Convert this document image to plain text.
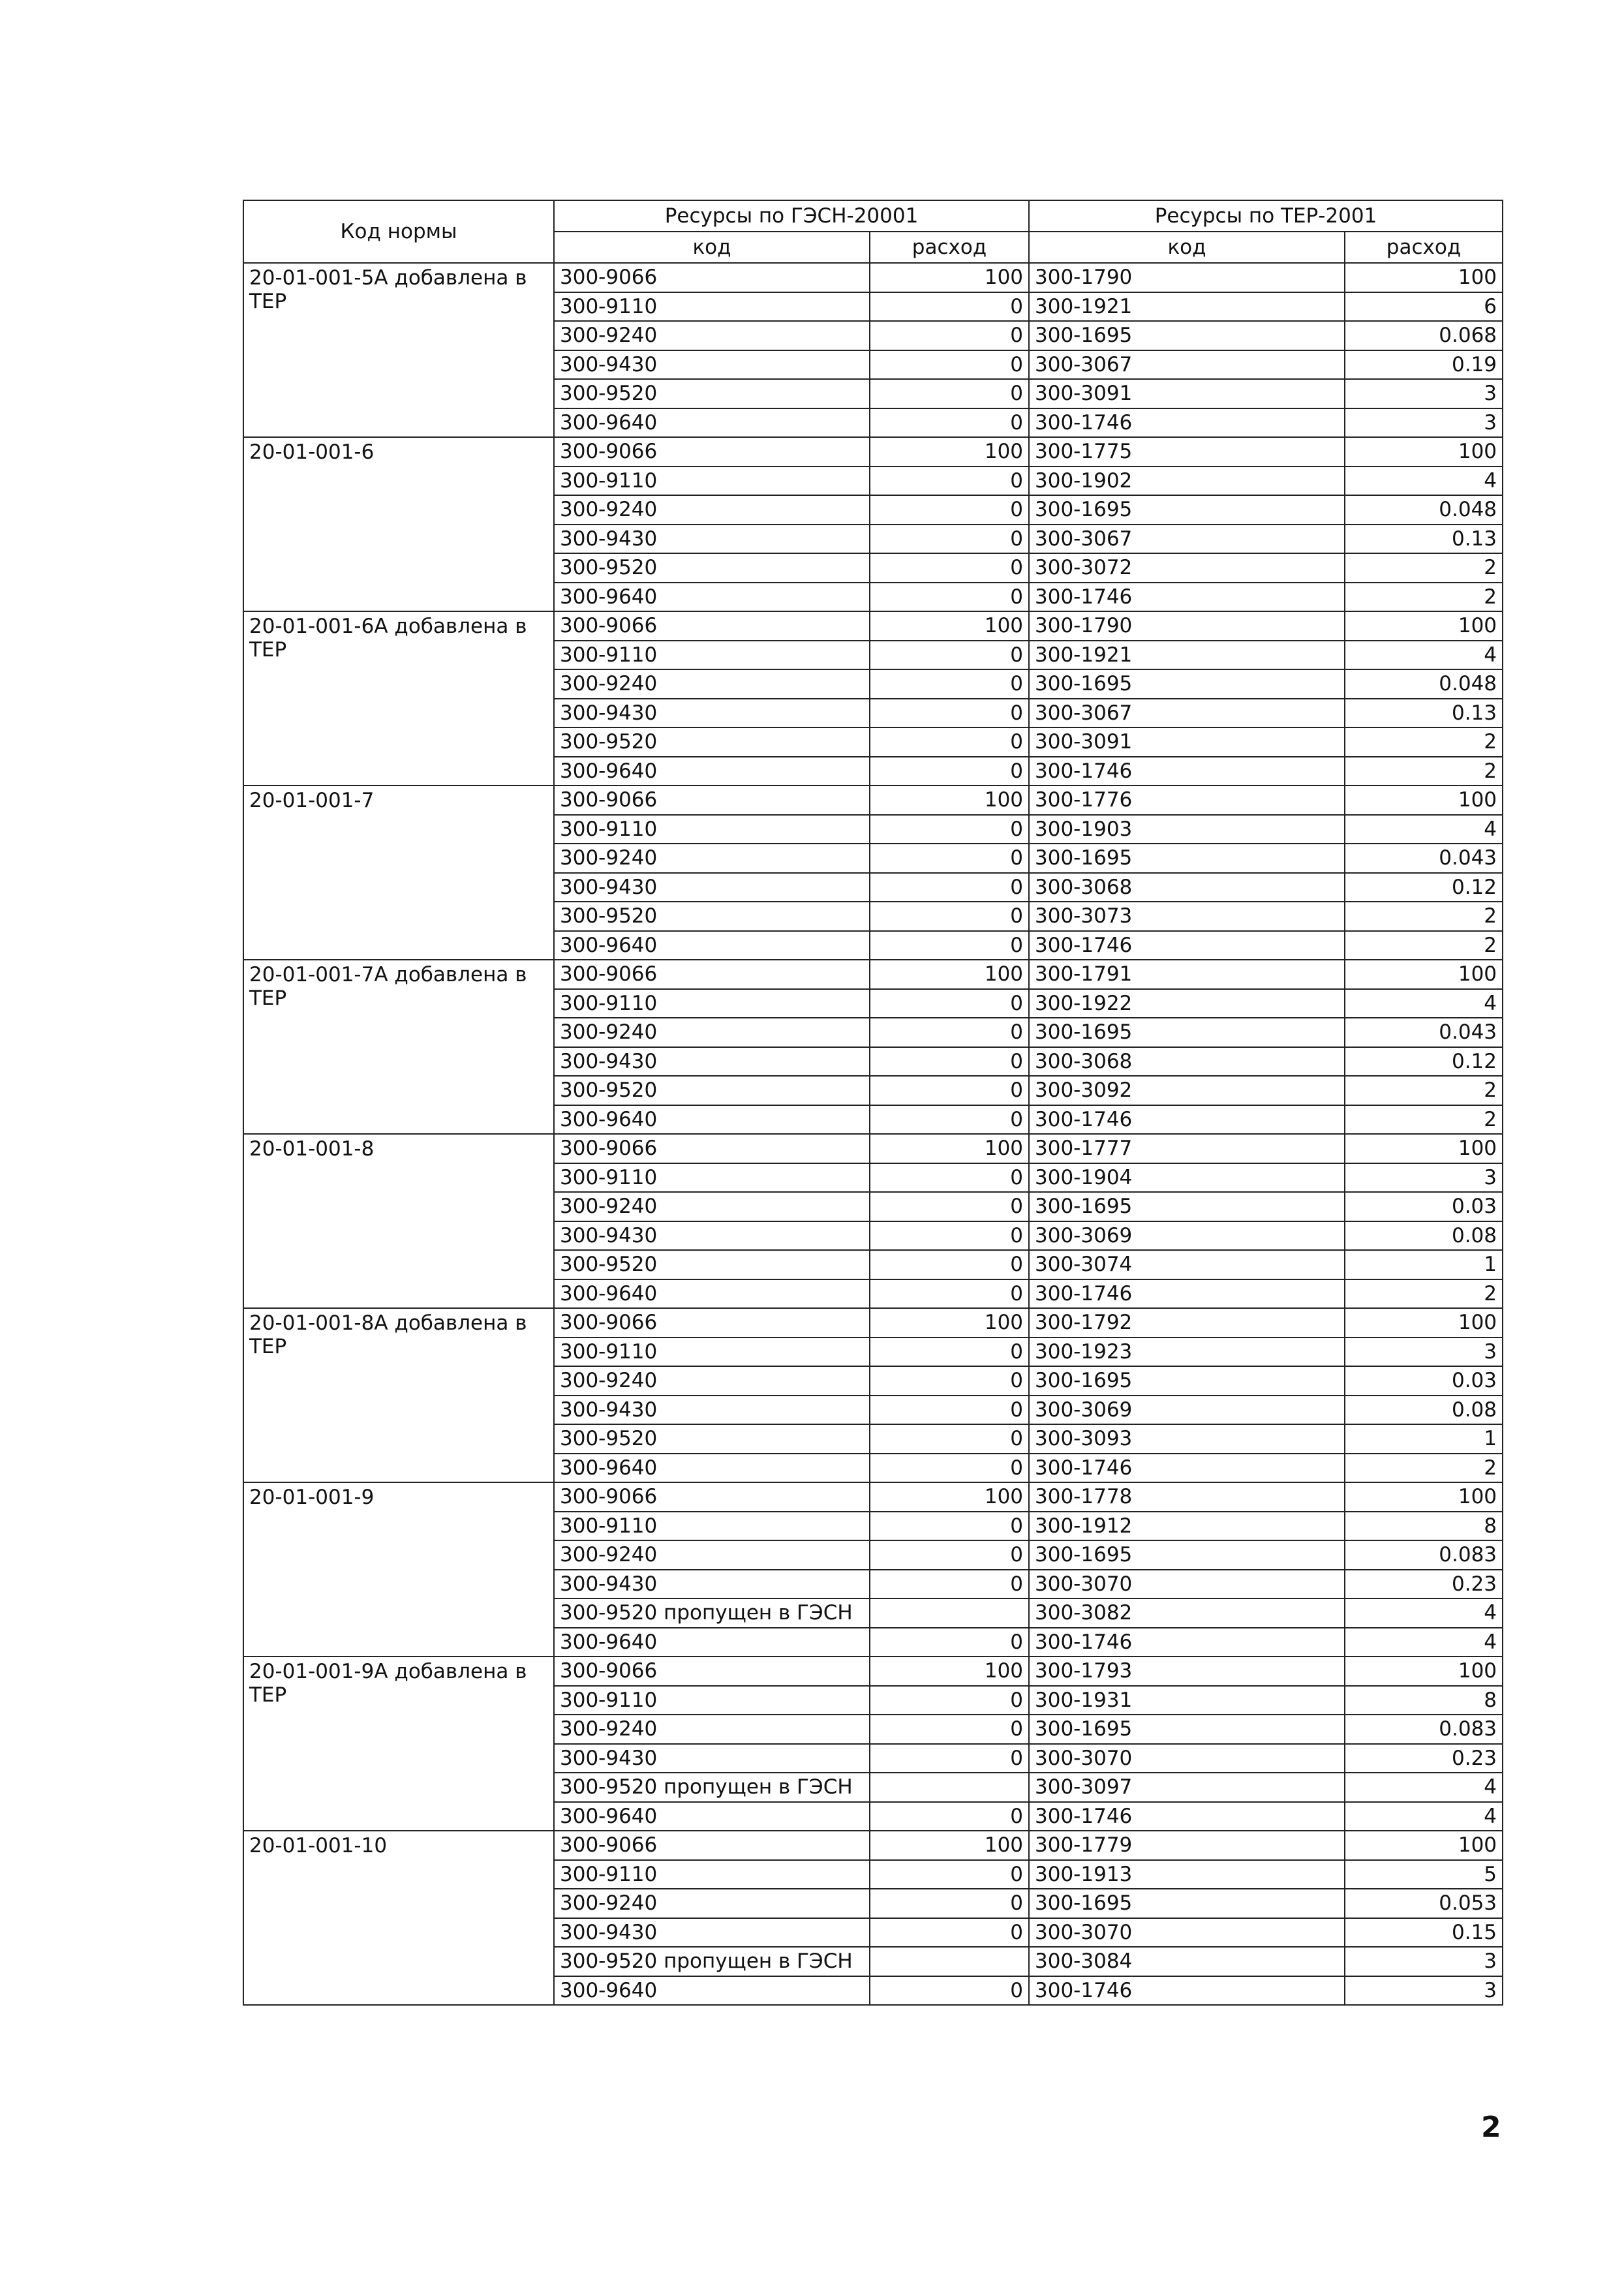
Код нормы	Ресурсы по ГЭСН-20001		Ресурсы по ТЕР-2001	
	код	расход	код	расход
20-01-001-5А добавлена в ТЕР	300-9066	100	300-1790	100
	300-9110	0	300-1921	6
	300-9240	0	300-1695	0.068
	300-9430	0	300-3067	0.19
	300-9520	0	300-3091	3
	300-9640	0	300-1746	3
20-01-001-6	300-9066	100	300-1775	100
	300-9110	0	300-1902	4
	300-9240	0	300-1695	0.048
	300-9430	0	300-3067	0.13
	300-9520	0	300-3072	2
	300-9640	0	300-1746	2
20-01-001-6А добавлена в ТЕР	300-9066	100	300-1790	100
	300-9110	0	300-1921	4
	300-9240	0	300-1695	0.048
	300-9430	0	300-3067	0.13
	300-9520	0	300-3091	2
	300-9640	0	300-1746	2
20-01-001-7	300-9066	100	300-1776	100
	300-9110	0	300-1903	4
	300-9240	0	300-1695	0.043
	300-9430	0	300-3068	0.12
	300-9520	0	300-3073	2
	300-9640	0	300-1746	2
20-01-001-7А добавлена в ТЕР	300-9066	100	300-1791	100
	300-9110	0	300-1922	4
	300-9240	0	300-1695	0.043
	300-9430	0	300-3068	0.12
	300-9520	0	300-3092	2
	300-9640	0	300-1746	2
20-01-001-8	300-9066	100	300-1777	100
	300-9110	0	300-1904	3
	300-9240	0	300-1695	0.03
	300-9430	0	300-3069	0.08
	300-9520	0	300-3074	1
	300-9640	0	300-1746	2
20-01-001-8А добавлена в ТЕР	300-9066	100	300-1792	100
	300-9110	0	300-1923	3
	300-9240	0	300-1695	0.03
	300-9430	0	300-3069	0.08
	300-9520	0	300-3093	1
	300-9640	0	300-1746	2
20-01-001-9	300-9066	100	300-1778	100
	300-9110	0	300-1912	8
	300-9240	0	300-1695	0.083
	300-9430	0	300-3070	0.23
	300-9520 пропущен в ГЭСН		300-3082	4
	300-9640	0	300-1746	4
20-01-001-9А добавлена в ТЕР	300-9066	100	300-1793	100
	300-9110	0	300-1931	8
	300-9240	0	300-1695	0.083
	300-9430	0	300-3070	0.23
	300-9520 пропущен в ГЭСН		300-3097	4
	300-9640	0	300-1746	4
20-01-001-10	300-9066	100	300-1779	100
	300-9110	0	300-1913	5
	300-9240	0	300-1695	0.053
	300-9430	0	300-3070	0.15
	300-9520 пропущен в ГЭСН		300-3084	3
	300-9640	0	300-1746	3
2
